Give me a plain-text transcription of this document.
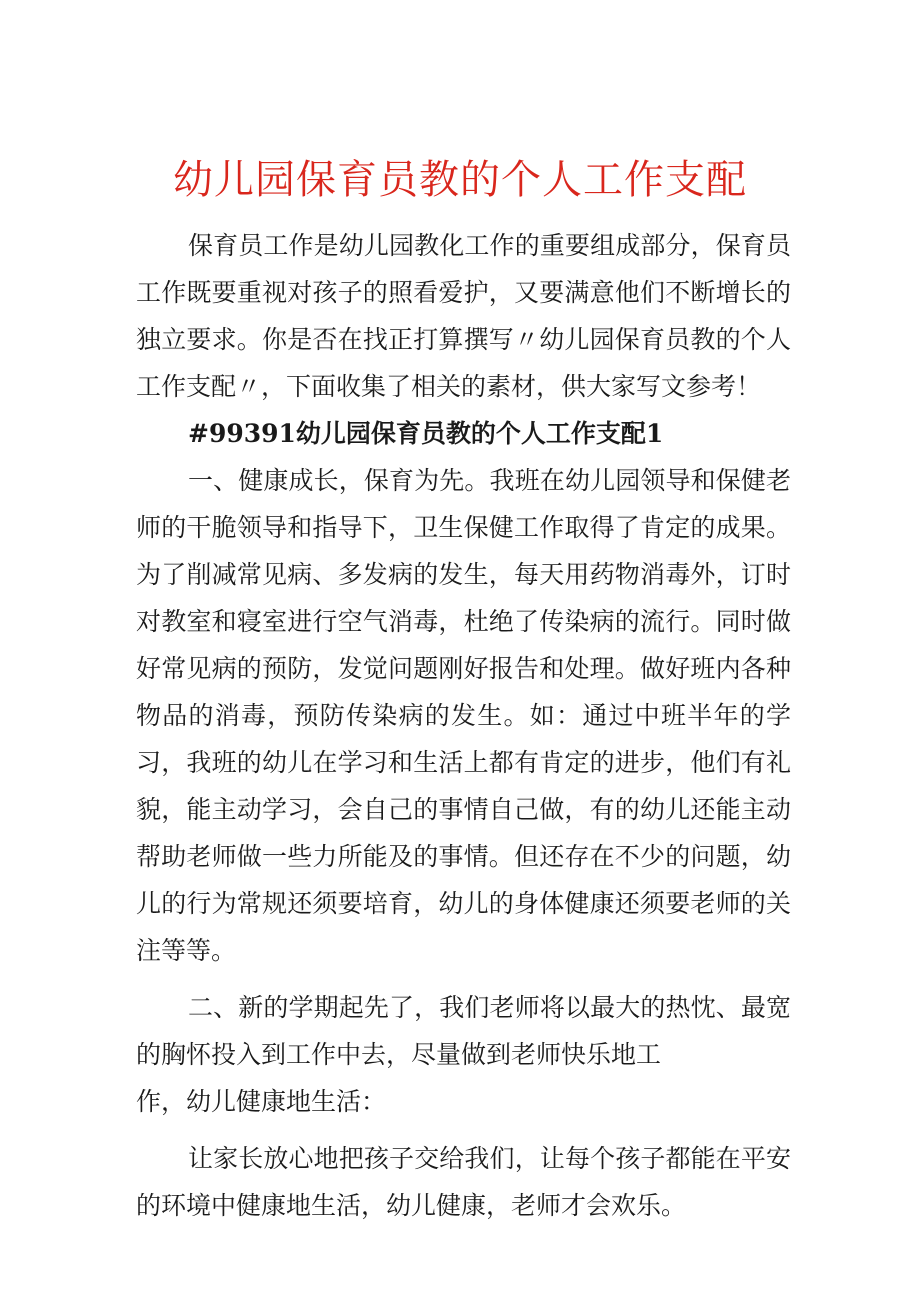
幼儿园保育员教的个人工作支配

保育员工作是幼儿园教化工作的重要组成部分，保育员工作既要重视对孩子的照看爱护，又要满意他们不断增长的独立要求。你是否在找正打算撰写〃幼儿园保育员教的个人工作支配〃，下面收集了相关的素材，供大家写文参考！

#99391幼儿园保育员教的个人工作支配1

一、健康成长，保育为先。我班在幼儿园领导和保健老师的干脆领导和指导下，卫生保健工作取得了肯定的成果。为了削减常见病、多发病的发生，每天用药物消毒外，订时对教室和寝室进行空气消毒，杜绝了传染病的流行。同时做好常见病的预防，发觉问题刚好报告和处理。做好班内各种物品的消毒，预防传染病的发生。如：通过中班半年的学习，我班的幼儿在学习和生活上都有肯定的进步，他们有礼貌，能主动学习，会自己的事情自己做，有的幼儿还能主动帮助老师做一些力所能及的事情。但还存在不少的问题，幼儿的行为常规还须要培育，幼儿的身体健康还须要老师的关注等等。

二、新的学期起先了，我们老师将以最大的热忱、最宽的胸怀投入到工作中去，尽量做到老师快乐地工

作，幼儿健康地生活：

让家长放心地把孩子交给我们，让每个孩子都能在平安的环境中健康地生活，幼儿健康，老师才会欢乐。
